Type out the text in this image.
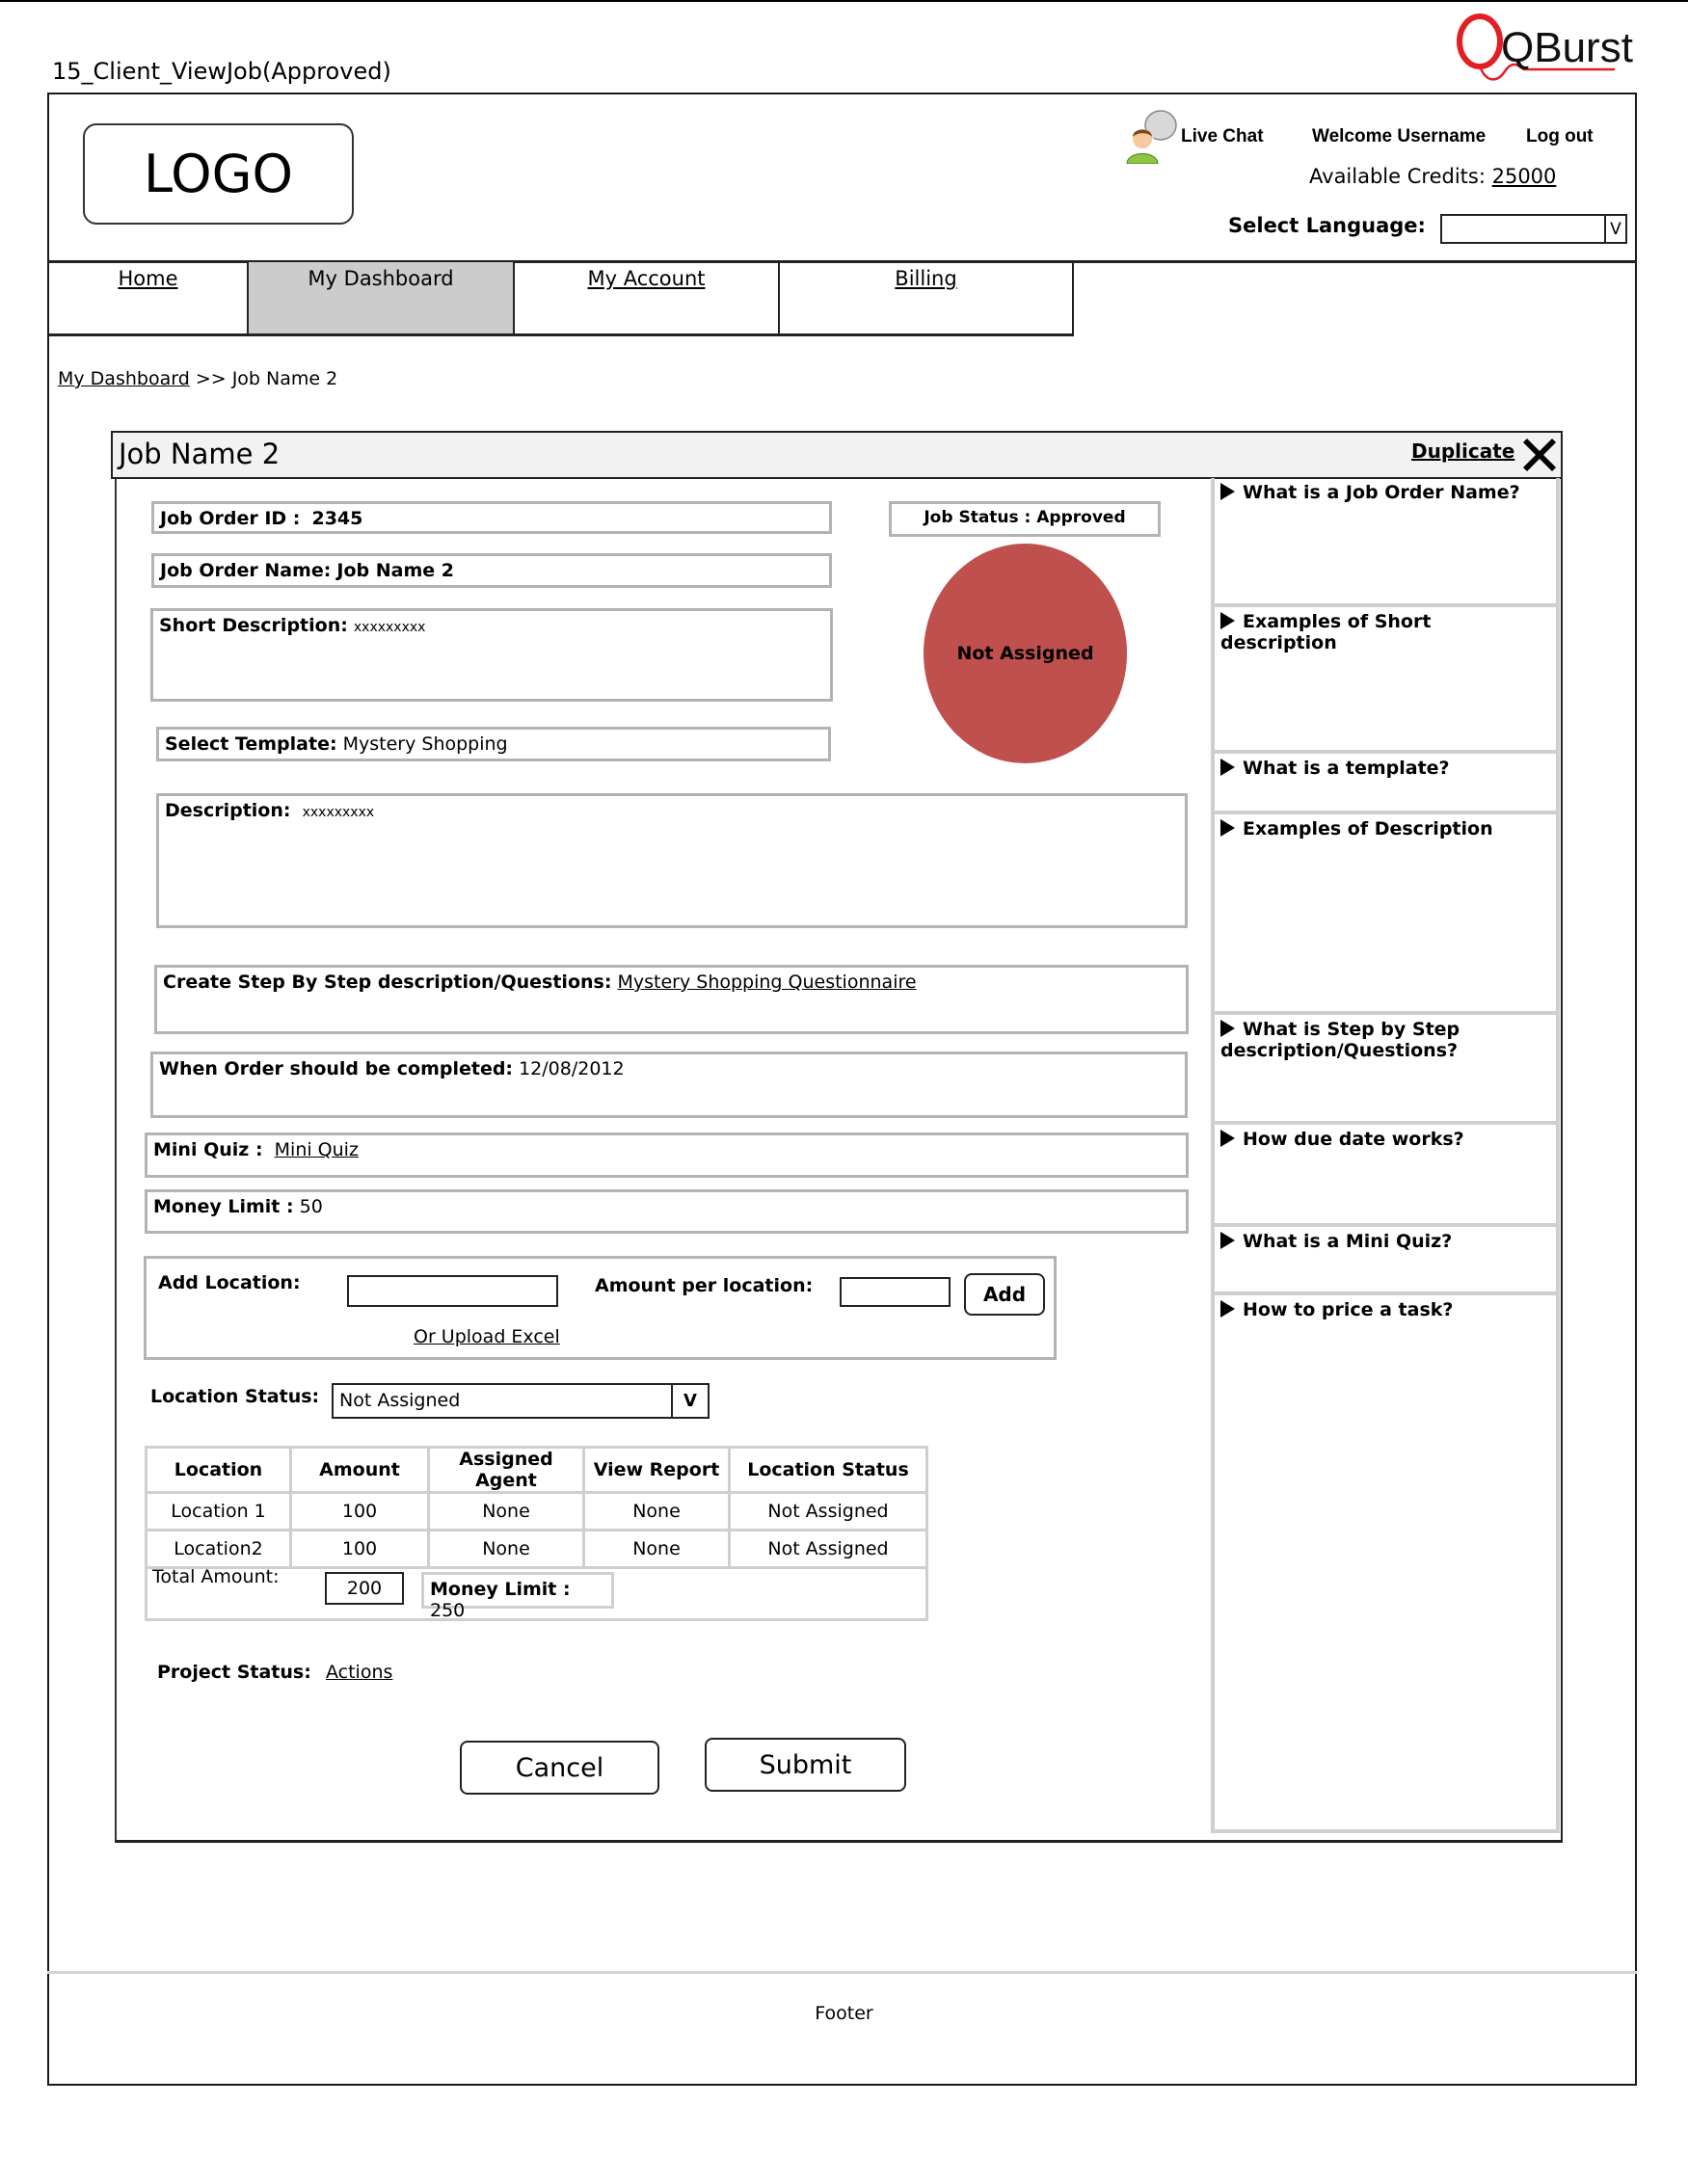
15_Client_ViewJob(Approved)	QBurst
LOGO
Live Chat	Welcome Username Log out
Available Credits: 25000
Select Language:	V
Home	My Dashboard	My Account	Billing
My Dashboard >> Job Name 2
Job Name 2	Duplicate
Job Order ID : 2345
Job Order Name: Job Name 2
Short Description: xxxxxxxxx
Select Template: Mystery Shopping
Description: xxxxxxxxx
Create Step By Step description/Questions: Mystery Shopping Questionnaire
When Order should be completed: 12/08/2012
Mini Quiz : Mini Quiz
Money Limit : 50
Job Status : Approved
Not Assigned
Add Location:	Amount per location:	Add
Or Upload Excel
Location Status:	Not Assigned	V
Location	Amount	Assigned Agent	View Report	Location Status
Location 1	100	None	None	Not Assigned
Location2	100	None	None	Not Assigned
Total Amount:
200	Money Limit : 250
Project Status: Actions
Cancel	Submit
What is a Job Order Name?
Examples of Short description
What is a template?
Examples of Description
What is Step by Step description/Questions?
How due date works?
What is a Mini Quiz?
How to price a task?
Footer
